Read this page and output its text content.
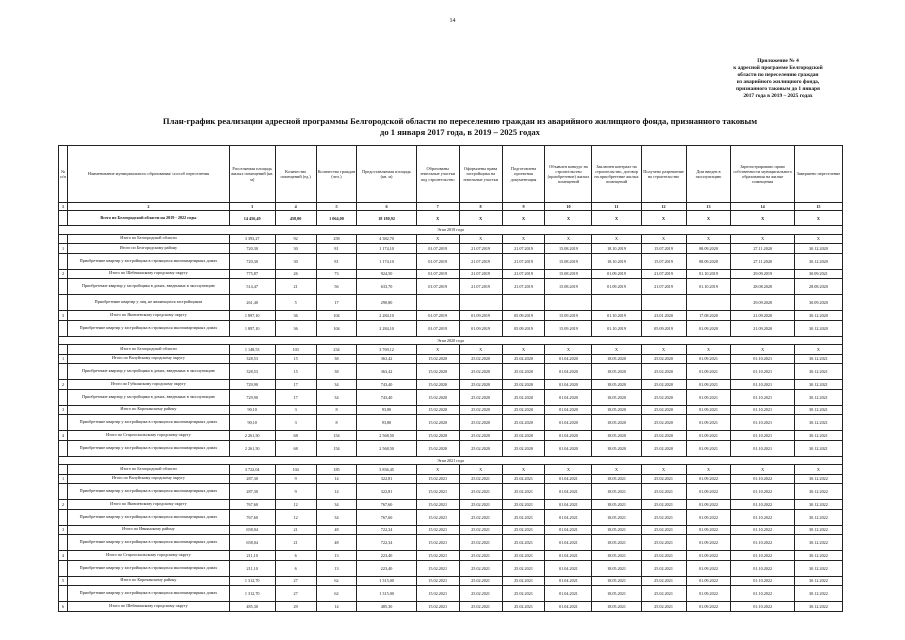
14
Приложение № 4
к адресной программе Белгородской
области по переселению граждан
из аварийного жилищного фонда,
признанного таковым до 1 января
2017 года в 2019 – 2025 годах
План-график реализации адресной программы Белгородской области по переселению граждан из аварийного жилищного фонда, признанного таковым
до 1 января 2017 года, в 2019 – 2025 годах
№ п/п	Наименование муниципального образования/ способ переселения	Расселяемая площадь жилых помещений (кв. м)	Количество помещений (ед.)	Количество граждан (чел.)	Предоставляемая площадь (кв. м)	Образованы земельные участки под строительство	Оформлены права застройщика на земельные участки	Подготовлена проектная документация	Объявлен конкурс на строительство (приобретение) жилых помещений	Заключен контракт на строительство, договор на приобретение жилых помещений	Получено разрешение на строительство	Дом введен в эксплуатацию	Зарегистрировано право собственности муниципального образования на жилые помещения	Завершено переселение
1	2	3	4	5	6	7	8	9	10	11	12	13	14	15
	Всего по Белгородской области на 2019 - 2022 годы	14 456,49	458,00	1 064,00	18 180,92	X	X	X	X	X	X	X	X	X
Этап 2019 года														
	Итого по Белгородской области	3 393,27	92	258	4 382,70	X	X	X	X	X	X	X	X	X
1	Итого по Белгородскому району	720,30	30	81	1 174,10	01.07.2019	21.07.2019	21.07.2019	15.08.2019	18.10.2019	15.07.2019	08.09.2020	27.11.2020	30.12.2020
	Приобретение квартир у застройщика в строящихся многоквартирных домах	720,30	30	81	1 174,10	01.07.2019	21.07.2019	21.07.2019	15.08.2019	18.10.2019	15.07.2019	08.09.2020	27.11.2020	30.12.2020
2	Итого по Шебекинскому городскому округу	775,87	26	73	924,50	01.07.2019	21.07.2019	21.07.2019	15.08.2019	01.09.2019	21.07.2019	01.10.2019	29.09.2019	30.09.2021
	Приобретение квартир у застройщика в домах, введенных в эксплуатацию	514,47	21	56	633,70	01.07.2019	21.07.2019	21.07.2019	15.08.2019	01.09.2019	21.07.2019	01.10.2019	28.08.2020	28.08.2020
	Приобретение квартир у лиц, не являющихся застройщиком	261,40	5	17	290,80								29.09.2020	30.09.2020
3	Итого по Яковлевскому городскому округу	1 897,10	36	104	2 284,10	01.07.2019	01.09.2019	05.09.2019	15.09.2019	01.10.2019	23.01.2020	17.08.2020	21.09.2020	30.12.2020
	Приобретение квартир у застройщика в строящихся многоквартирных домах	1 897,10	36	104	2 284,10	01.07.2019	01.09.2019	05.09.2019	15.09.2019	01.10.2019	05.09.2019	01.09.2020	21.09.2020	30.12.2020
Этап 2020 года														
	Итого по Белгородской области	1 148,53	103	234	3 769,12	X	X	X	X	X	X	X	X	X
1	Итого по Валуйскому городскому округу	328,53	15	38	363,42	15.02.2020	25.02.2020	25.02.2020	01.04.2020	18.05.2020	25.02.2020	01.09.2021	01.10.2021	30.12.2021
	Приобретение квартир у застройщика в домах, введенных в эксплуатацию	328,53	15	38	363,42	15.02.2020	25.02.2020	25.02.2020	01.04.2020	18.05.2020	25.02.2020	01.09.2021	01.10.2021	30.12.2021
2	Итого по Губкинскому городскому округу	729,90	17	34	743,40	15.02.2020	25.02.2020	25.02.2020	01.04.2020	18.05.2020	25.02.2020	01.09.2021	01.10.2021	30.12.2021
	Приобретение квартир у застройщика в домах, введенных в эксплуатацию	729,90	17	34	743,40	15.02.2020	25.02.2020	25.02.2020	01.04.2020	18.05.2020	25.02.2020	01.09.2021	01.10.2021	30.12.2021
3	Итого по Корочанскому району	90,10	3	8	93,80	15.02.2020	25.02.2020	25.02.2020	01.04.2020	18.05.2020	25.02.2020	01.09.2021	01.10.2021	30.12.2021
	Приобретение квартир у застройщика в строящихся многоквартирных домах	90,10	3	8	93,80	15.02.2020	25.02.2020	25.02.2020	01.04.2020	18.05.2020	25.02.2020	01.09.2021	01.10.2021	30.12.2021
4	Итого по Старооскольскому городскому округу	2 261,50	68	154	2 568,50	15.02.2020	25.02.2020	25.02.2020	01.04.2020	18.05.2020	25.02.2020	01.09.2021	01.10.2021	30.12.2021
	Приобретение квартир у застройщика в строящихся многоквартирных домах	2 261,50	68	154	2 568,50	15.02.2020	25.02.2020	25.02.2020	01.04.2020	18.05.2020	25.02.2020	01.09.2021	01.10.2021	30.12.2021
Этап 2021 года														
	Итого по Белгородской области	3 722,04	104	185	3 836,45	X	X	X	X	X	X	X	X	X
1	Итого по Валуйскому городскому округу	287,30	9	14	322,81	15.02.2021	25.02.2021	25.02.2021	01.04.2021	18.05.2021	25.02.2021	01.09.2022	01.10.2022	30.12.2022
	Приобретение квартир у застройщика в строящихся многоквартирных домах	287,30	9	14	322,81	15.02.2021	25.02.2021	25.02.2021	01.04.2021	18.05.2021	25.02.2021	01.09.2022	01.10.2022	30.12.2022
2	Итого по Яковлевскому городскому округу	767,60	12	34	767,60	15.02.2021	25.02.2021	25.02.2021	01.04.2021	18.05.2021	25.02.2021	01.09.2022	01.10.2022	30.12.2022
	Приобретение квартир у застройщика в строящихся многоквартирных домах	767,60	12	34	767,60	15.02.2021	25.02.2021	25.02.2021	01.04.2021	18.05.2021	25.02.2021	01.09.2022	01.10.2022	30.12.2022
3	Итого по Ивнянскому району	658,04	21	48	722,34	15.02.2021	25.02.2021	25.02.2021	01.04.2021	18.05.2021	25.02.2021	01.09.2022	01.10.2022	30.12.2022
	Приобретение квартир у застройщика в строящихся многоквартирных домах	658,04	21	48	722,34	15.02.2021	25.02.2021	25.02.2021	01.04.2021	18.05.2021	25.02.2021	01.09.2022	01.10.2022	30.12.2022
4	Итого по Старооскольскому городскому округу	211,10	6	13	223,40	15.02.2021	25.02.2021	25.02.2021	01.04.2021	18.05.2021	25.02.2021	01.09.2022	01.10.2022	30.12.2022
	Приобретение квартир у застройщика в строящихся многоквартирных домах	211,10	6	13	223,40	15.02.2021	25.02.2021	25.02.2021	01.04.2021	18.05.2021	25.02.2021	01.09.2022	01.10.2022	30.12.2022
5	Итого по Корочанскому району	1 312,70	27	62	1 315,00	15.02.2021	25.02.2021	25.02.2021	01.04.2021	18.05.2021	25.02.2021	01.09.2022	01.10.2022	30.12.2022
	Приобретение квартир у застройщика в строящихся многоквартирных домах	1 312,70	27	62	1 315,00	15.02.2021	25.02.2021	25.02.2021	01.04.2021	18.05.2021	25.02.2021	01.09.2022	01.10.2022	30.12.2022
6	Итого по Шебекинскому городскому округу	485,30	29	14	485,30	15.02.2021	25.02.2021	25.02.2021	01.04.2021	18.05.2021	25.02.2021	01.09.2022	01.10.2022	30.12.2022
